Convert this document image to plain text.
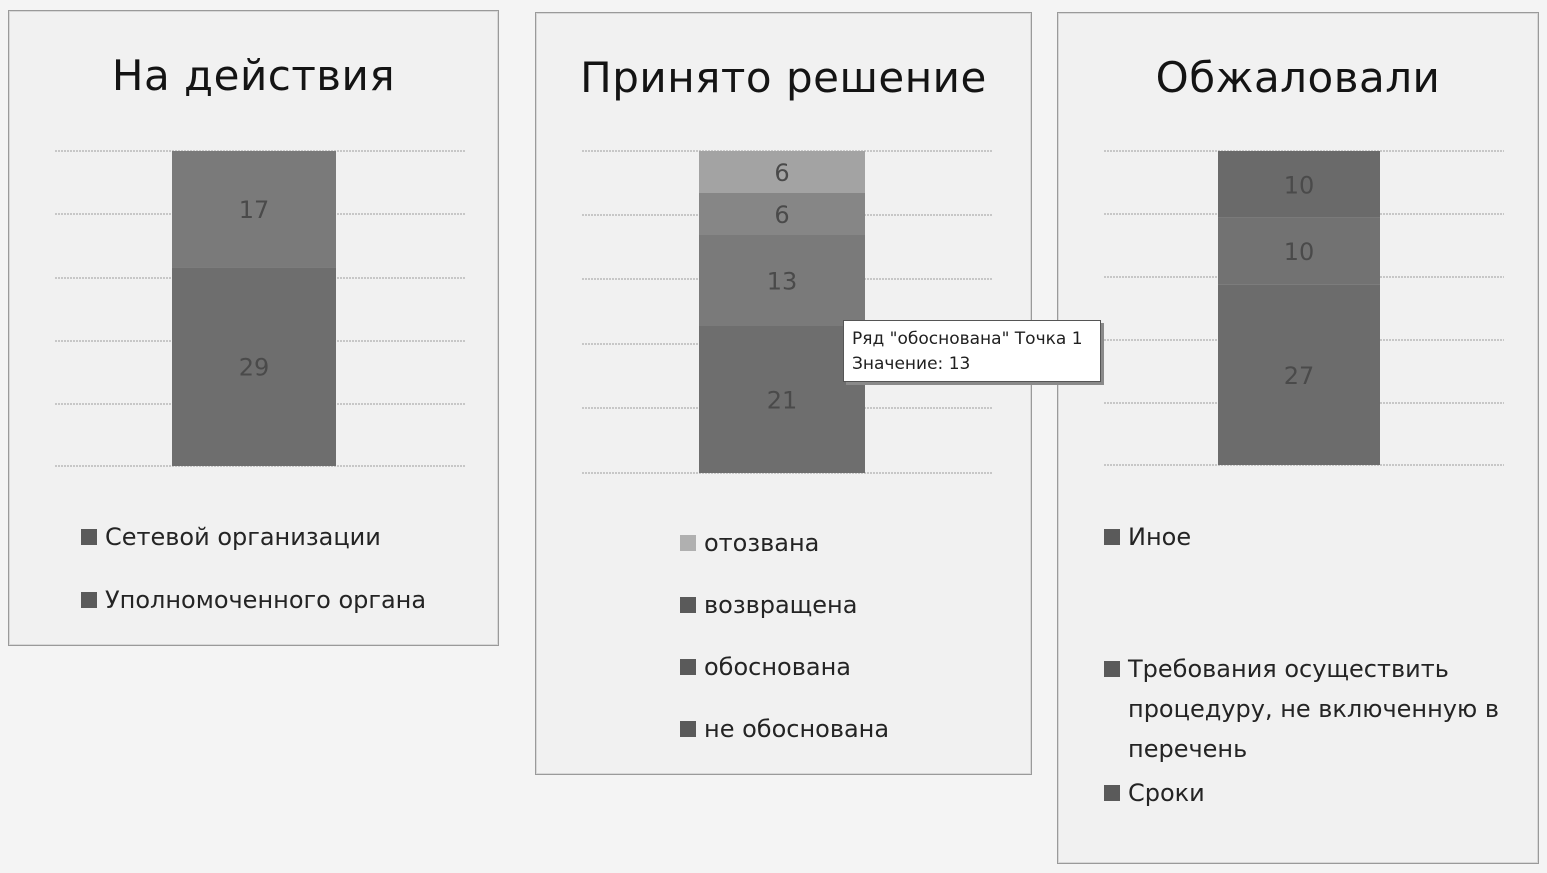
На действия
29
17
Сетевой организации
Уполномоченного органа
Принято решение
21
13
6
6
отозвана
возвращена
обоснована
не обоснована
Обжаловали
27
10
10
Иное
Требования осуществить процедуру, не включенную в перечень
Сроки
Ряд "обоснована" Точка 1
Значение: 13
